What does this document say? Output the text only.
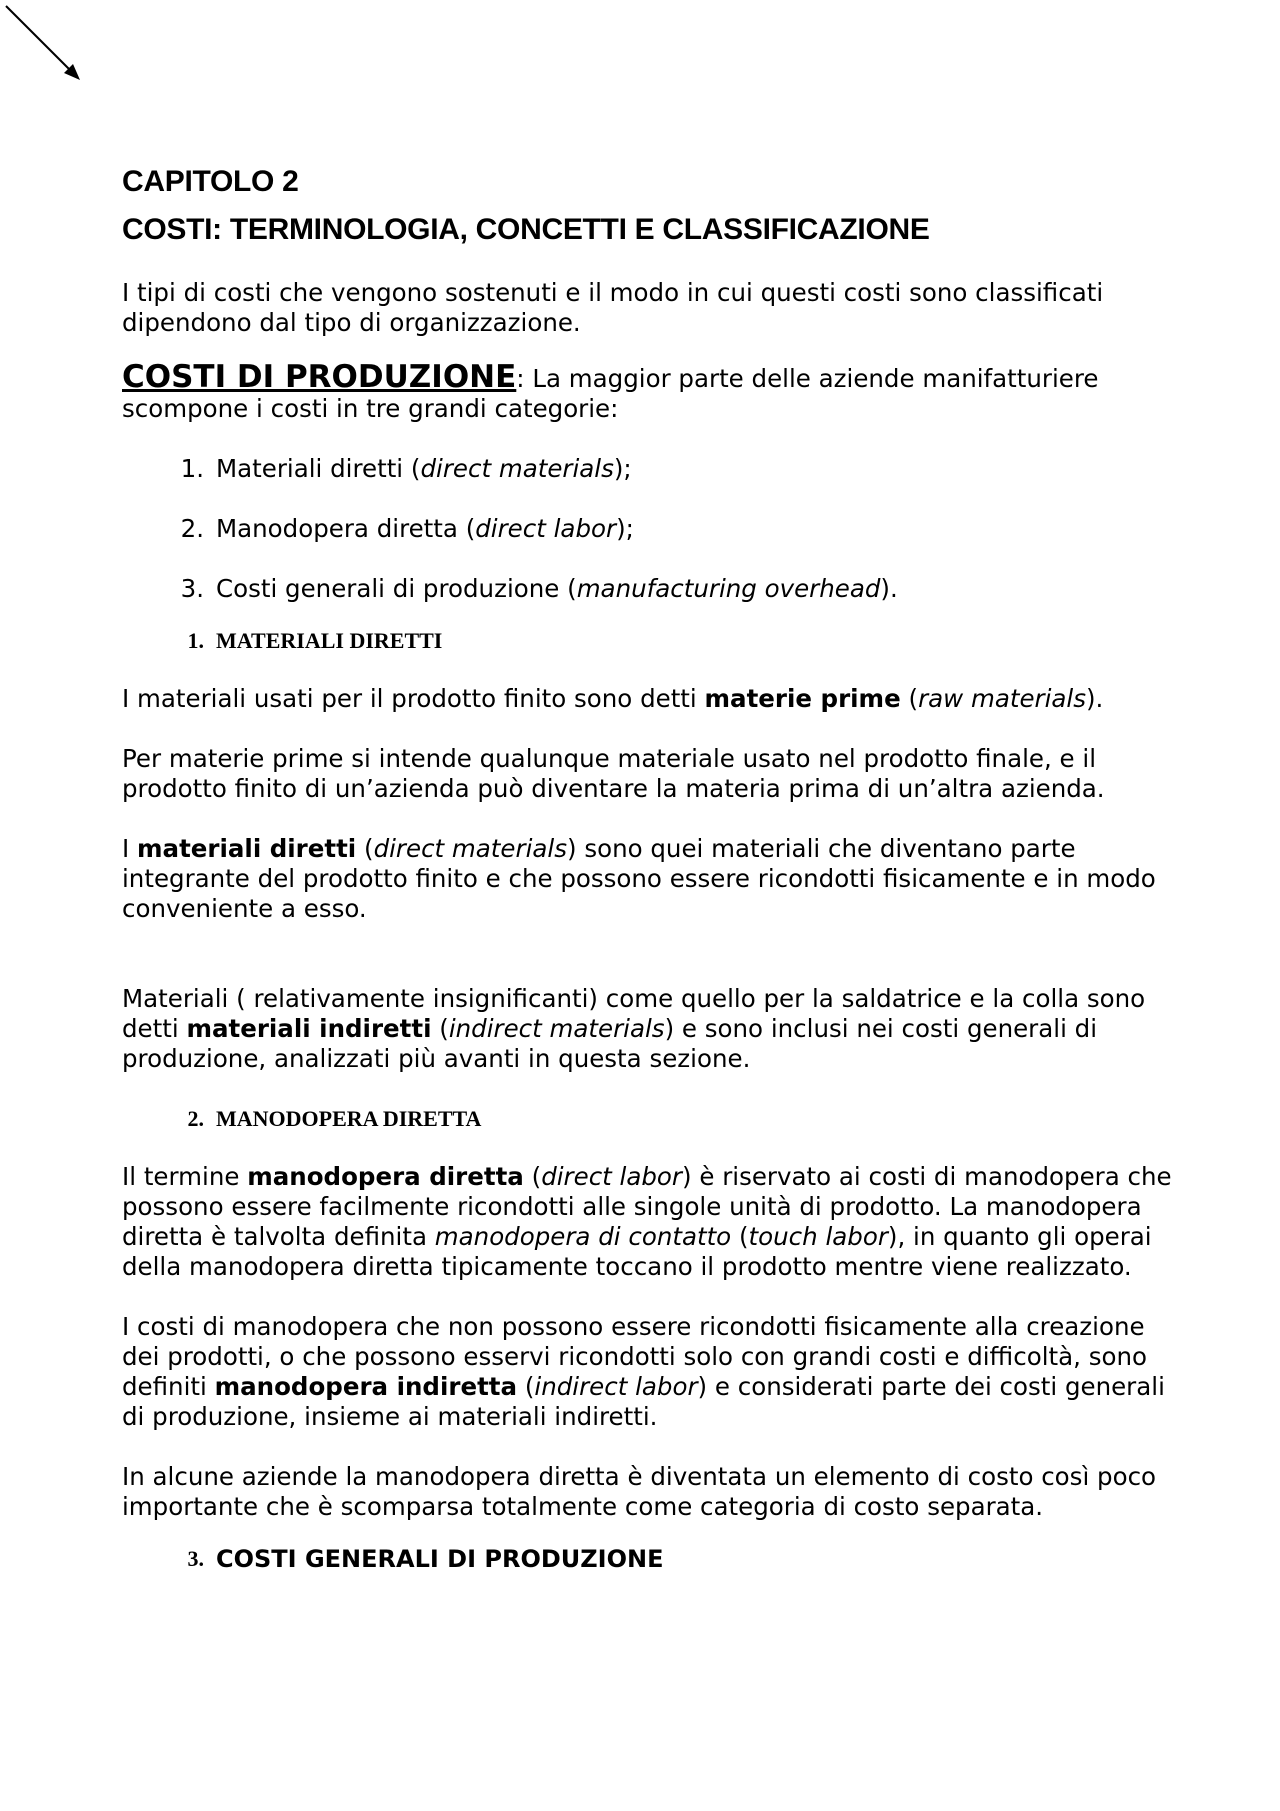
CAPITOLO 2
COSTI: TERMINOLOGIA, CONCETTI E CLASSIFICAZIONE

I tipi di costi che vengono sostenuti e il modo in cui questi costi sono classificati dipendono dal tipo di organizzazione.

COSTI DI PRODUZIONE: La maggior parte delle aziende manifatturiere scompone i costi in tre grandi categorie:

1. Materiali diretti (direct materials);
2. Manodopera diretta (direct labor);
3. Costi generali di produzione (manufacturing overhead).
1. MATERIALI DIRETTI

I materiali usati per il prodotto finito sono detti materie prime (raw materials).

Per materie prime si intende qualunque materiale usato nel prodotto finale, e il prodotto finito di un’azienda può diventare la materia prima di un’altra azienda.

I materiali diretti (direct materials) sono quei materiali che diventano parte integrante del prodotto finito e che possono essere ricondotti fisicamente e in modo conveniente a esso.

Materiali ( relativamente insignificanti) come quello per la saldatrice e la colla sono detti materiali indiretti (indirect materials) e sono inclusi nei costi generali di produzione, analizzati più avanti in questa sezione.

2. MANODOPERA DIRETTA

Il termine manodopera diretta (direct labor) è riservato ai costi di manodopera che possono essere facilmente ricondotti alle singole unità di prodotto. La manodopera diretta è talvolta definita manodopera di contatto (touch labor), in quanto gli operai della manodopera diretta tipicamente toccano il prodotto mentre viene realizzato.

I costi di manodopera che non possono essere ricondotti fisicamente alla creazione dei prodotti, o che possono esservi ricondotti solo con grandi costi e difficoltà, sono definiti manodopera indiretta (indirect labor) e considerati parte dei costi generali di produzione, insieme ai materiali indiretti.

In alcune aziende la manodopera diretta è diventata un elemento di costo così poco importante che è scomparsa totalmente come categoria di costo separata.

3. COSTI GENERALI DI PRODUZIONE
